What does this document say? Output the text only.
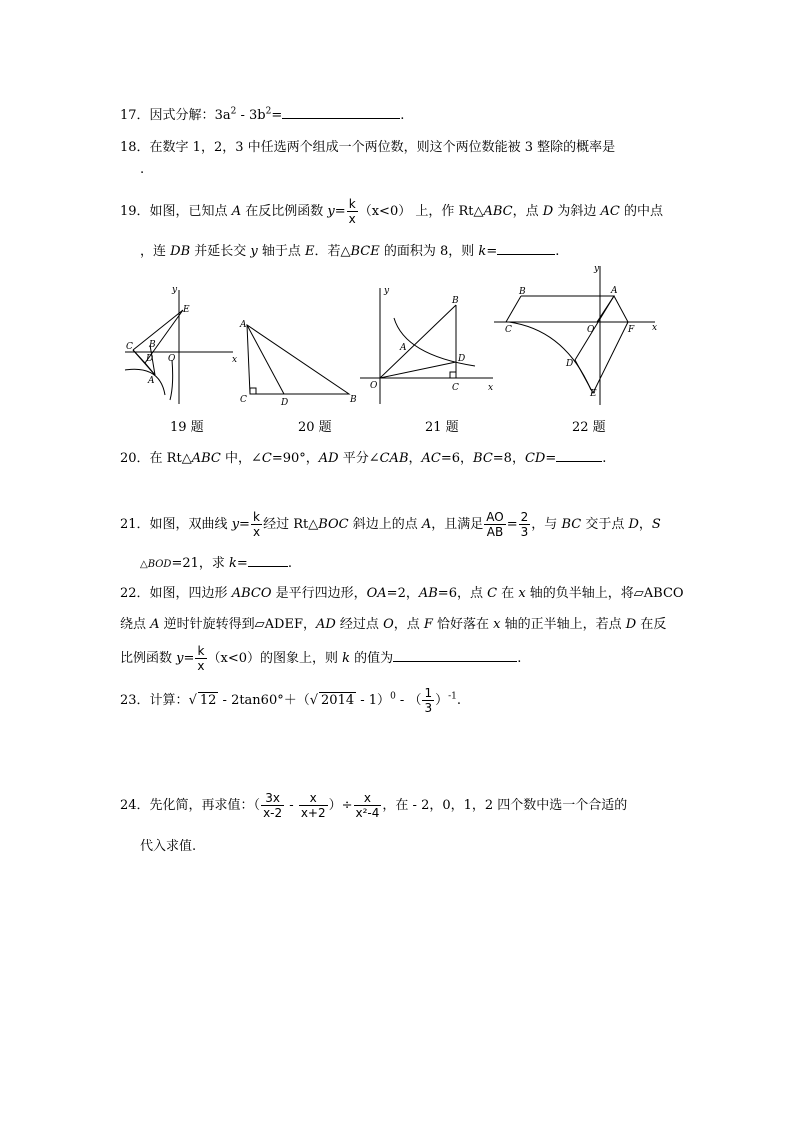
17．因式分解：$3a^2 - 3b^2=$	.
18．在数字 1，2，3 中任选两个组成一个两位数，则这个两位数能被 3 整除的概率是
.
19．如图，已知点 A 在反比例函数 $y= \frac{k}{x} (x<0)$ 上，作 Rt△ABC，点 D 为斜边 AC 的中点
，连 DB 并延长交 y 轴于点 E．若△BCE 的面积为 8，则 k=	.
y
E
C B
D O	x
A
A
C	D	B
y
B
A
D
O	C	x
y
B	A
C	O	F x
D
E
19 题	20 题	21 题	22 题
20．在 Rt△ABC 中，∠C=90°，AD 平分∠CAB，AC=6，BC=8，CD=	.
21．如图，双曲线 $y= \frac{k}{x}$ 经过 Rt△BOC 斜边上的点 A，且满足 $\frac{AO}{AB} = \frac{2}{3}$ ，与 BC 交于点 D，S
△BOD=21，求 k=	.
22．如图，四边形 ABCO 是平行四边形，OA=2，AB=6，点 C 在 x 轴的负半轴上，将▱ABCO
绕点 A 逆时针旋转得到▱ADEF，AD 经过点 O，点 F 恰好落在 x 轴的正半轴上，若点 D 在反
比例函数 $y= \frac{k}{x} (x<0)$的图象上，则 k 的值为	.
23．计算：√ 12 - 2tan60°＋（√ 2014 - 1）$^0$ - （ $\frac{1}{3} )^{-1}$.
24．先化简，再求值：（ $\frac{3x}{x-2} - \frac{x}{x+2}$ ）÷ $\frac{x}{\text{x²-4}}$ ，在 - 2，0，1，2 四个数中选一个合适的
代入求值.
